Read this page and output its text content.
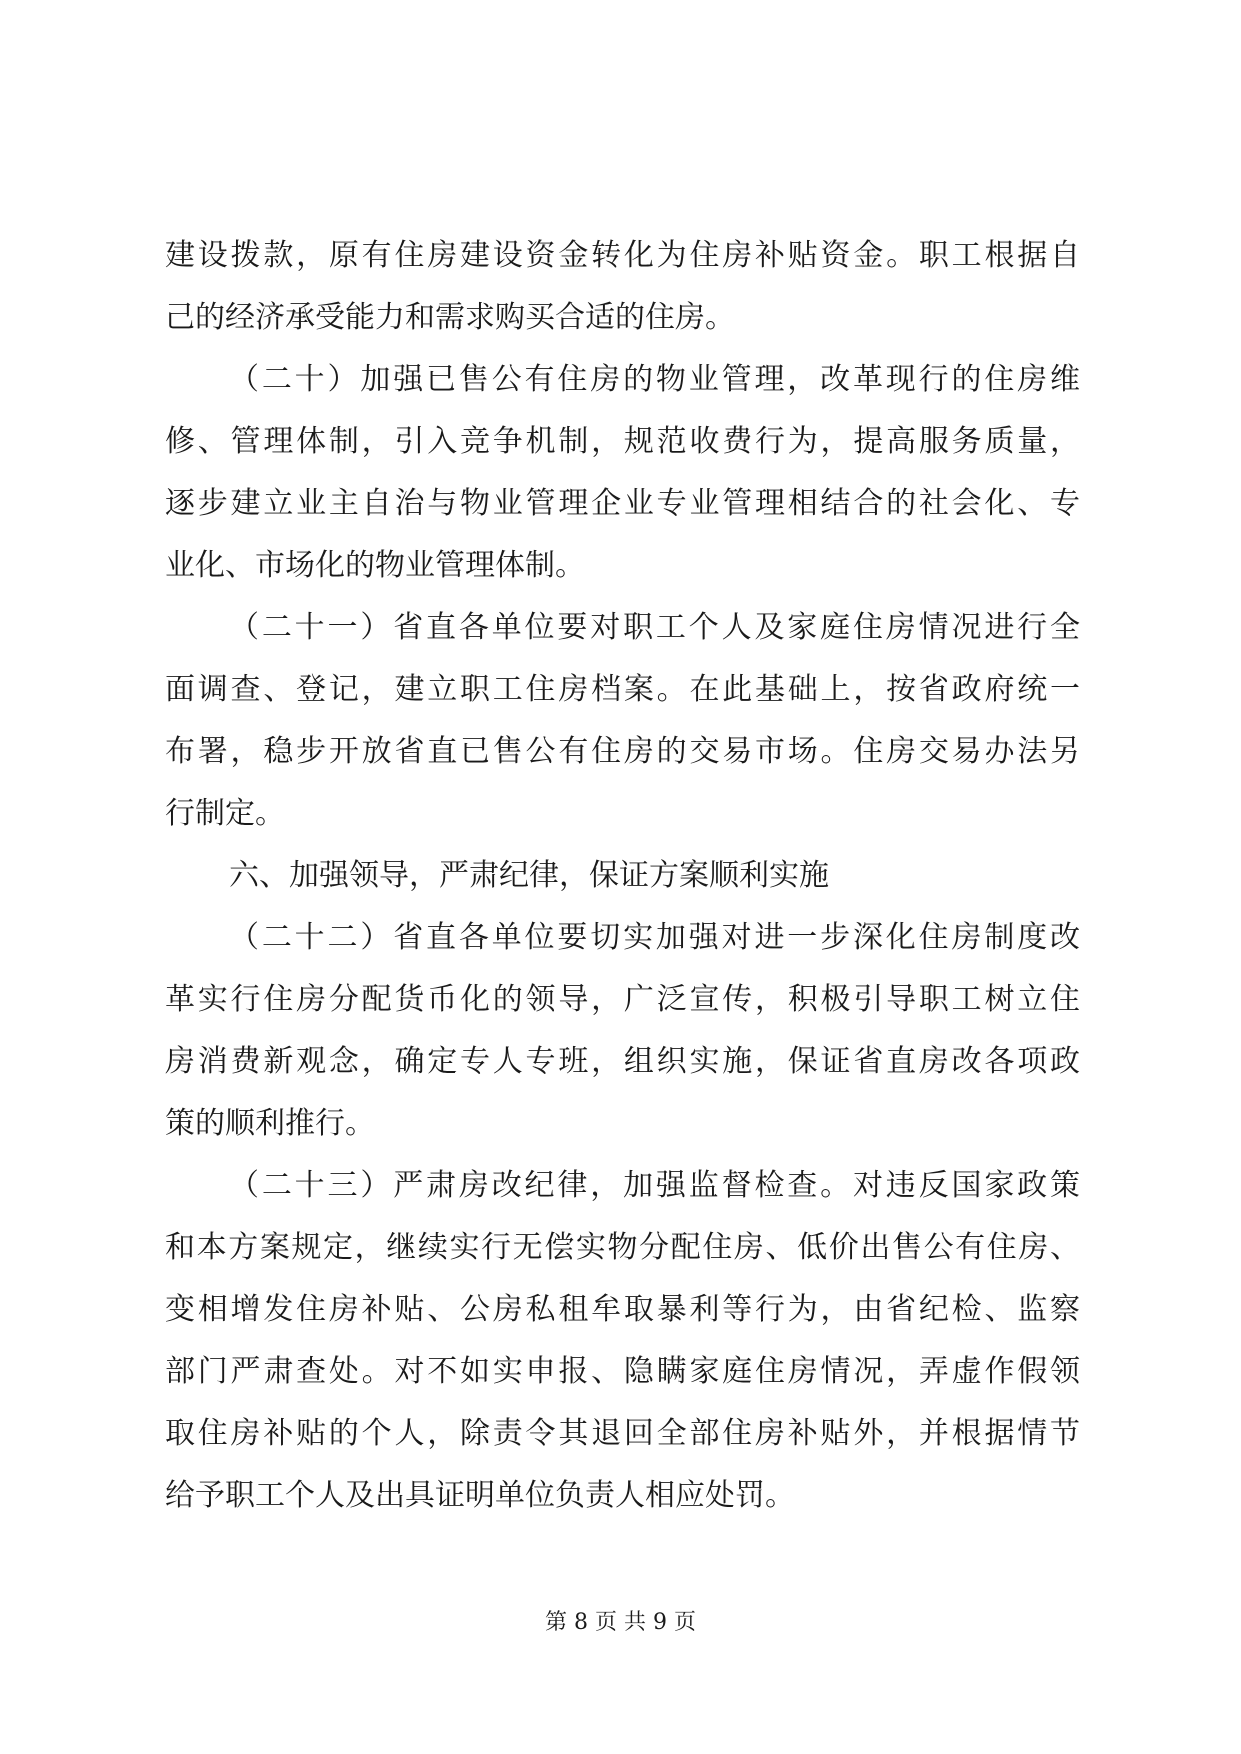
建设拨款，原有住房建设资金转化为住房补贴资金。职工根据自
己的经济承受能力和需求购买合适的住房。
（二十）加强已售公有住房的物业管理，改革现行的住房维
修、管理体制，引入竞争机制，规范收费行为，提高服务质量，
逐步建立业主自治与物业管理企业专业管理相结合的社会化、专
业化、市场化的物业管理体制。
（二十一）省直各单位要对职工个人及家庭住房情况进行全
面调查、登记，建立职工住房档案。在此基础上，按省政府统一
布署，稳步开放省直已售公有住房的交易市场。住房交易办法另
行制定。
六、加强领导，严肃纪律，保证方案顺利实施
（二十二）省直各单位要切实加强对进一步深化住房制度改
革实行住房分配货币化的领导，广泛宣传，积极引导职工树立住
房消费新观念，确定专人专班，组织实施，保证省直房改各项政
策的顺利推行。
（二十三）严肃房改纪律，加强监督检查。对违反国家政策
和本方案规定，继续实行无偿实物分配住房、低价出售公有住房、
变相增发住房补贴、公房私租牟取暴利等行为，由省纪检、监察
部门严肃查处。对不如实申报、隐瞒家庭住房情况，弄虚作假领
取住房补贴的个人，除责令其退回全部住房补贴外，并根据情节
给予职工个人及出具证明单位负责人相应处罚。
第 8 页 共 9 页
